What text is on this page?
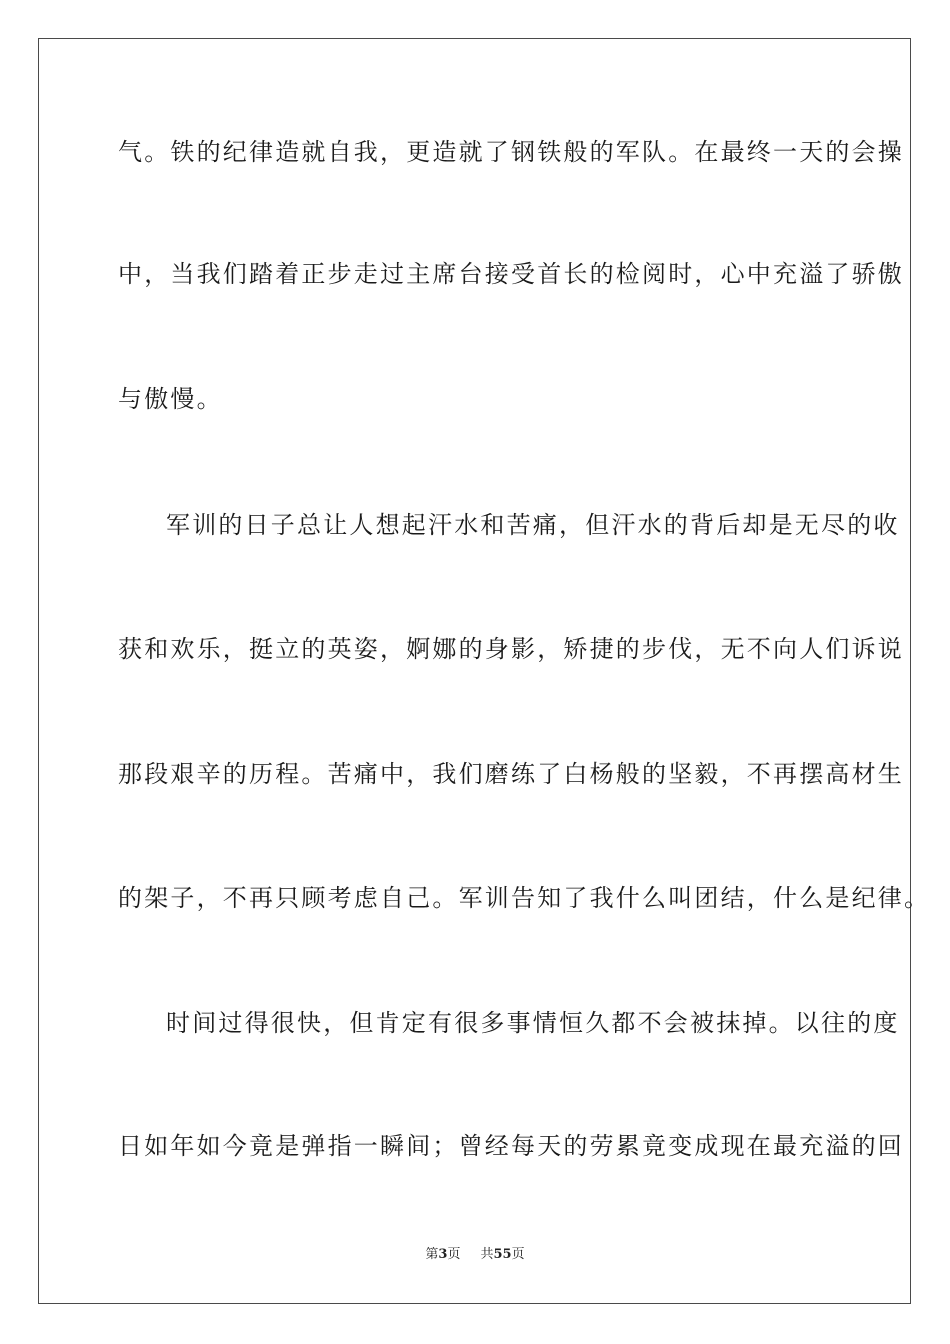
气。铁的纪律造就自我，更造就了钢铁般的军队。在最终一天的会操
中，当我们踏着正步走过主席台接受首长的检阅时，心中充溢了骄傲
与傲慢。
军训的日子总让人想起汗水和苦痛，但汗水的背后却是无尽的收
获和欢乐，挺立的英姿，婀娜的身影，矫捷的步伐，无不向人们诉说
那段艰辛的历程。苦痛中，我们磨练了白杨般的坚毅，不再摆高材生
的架子，不再只顾考虑自己。军训告知了我什么叫团结，什么是纪律。
时间过得很快，但肯定有很多事情恒久都不会被抹掉。以往的度
日如年如今竟是弹指一瞬间；曾经每天的劳累竟变成现在最充溢的回
第3页 共55页
